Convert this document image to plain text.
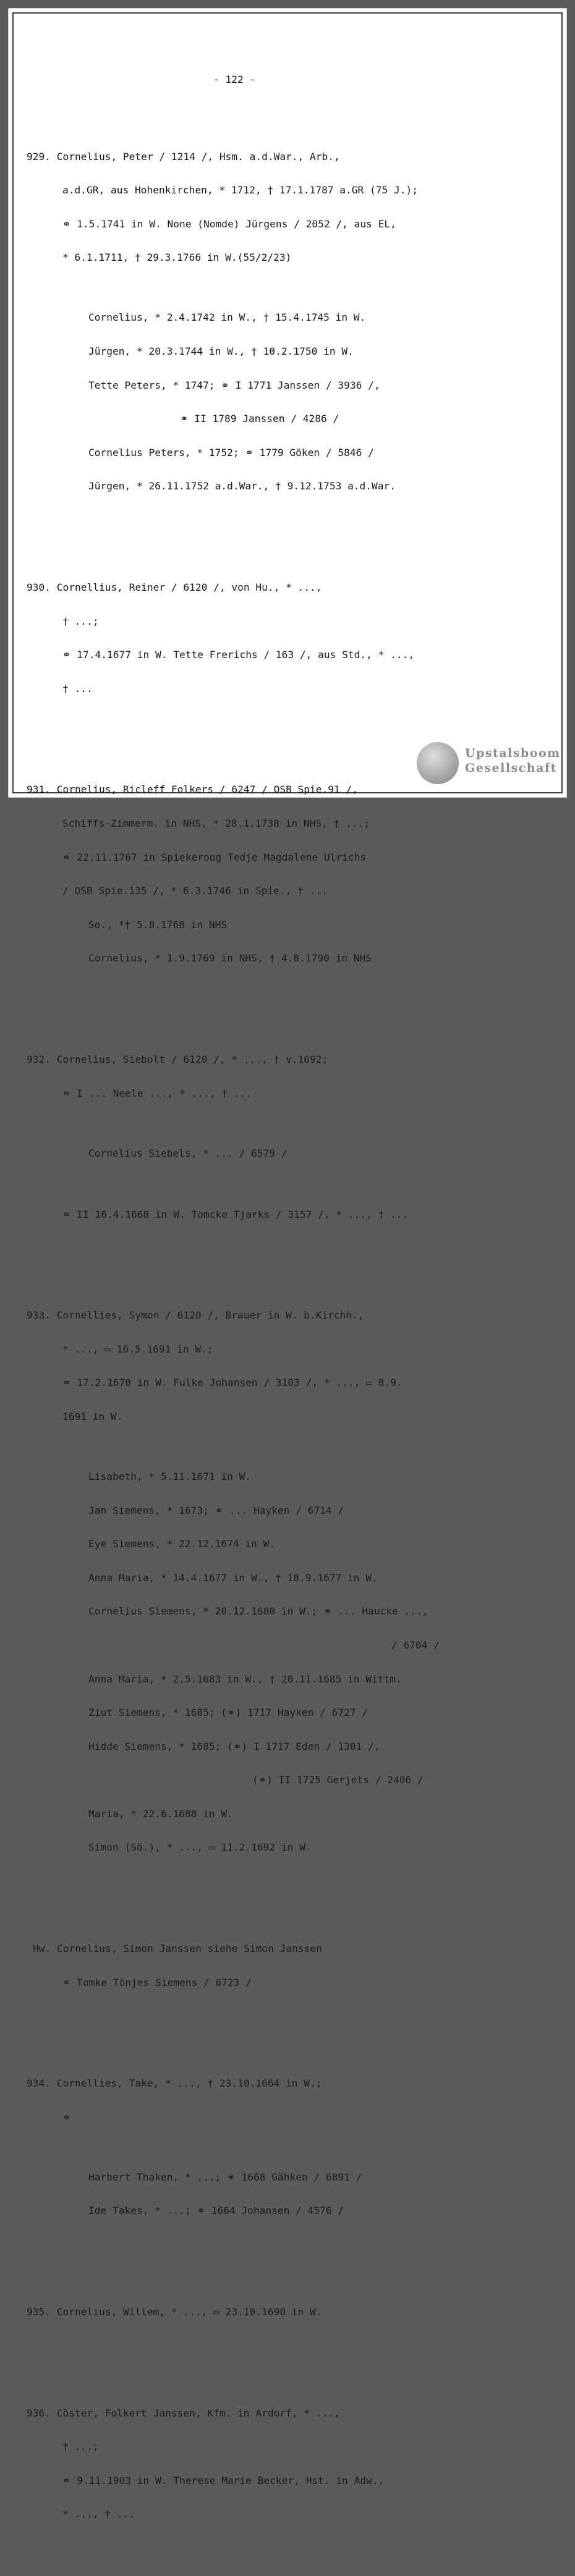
- 122 -

929. Cornelius, Peter / 1214 /, Hsm. a.d.War., Arb.,

a.d.GR, aus Hohenkirchen, * 1712, † 17.1.1787 a.GR (75 J.);

⚭ 1.5.1741 in W. None (Nomde) Jürgens / 2052 /, aus EL,

* 6.1.1711, † 29.3.1766 in W.(55/2/23)

Cornelius, * 2.4.1742 in W., † 15.4.1745 in W.

Jürgen, * 20.3.1744 in W., † 10.2.1750 in W.

Tette Peters, * 1747; ⚭ I 1771 Janssen / 3936 /,

⚭ II 1789 Janssen / 4286 /

Cornelius Peters, * 1752; ⚭ 1779 Göken / 5846 /

Jürgen, * 26.11.1752 a.d.War., † 9.12.1753 a.d.War.

930. Cornellius, Reiner / 6120 /, von Hu., * ...,

† ...;

⚭ 17.4.1677 in W. Tette Frerichs / 163 /, aus Std., * ...,

† ...

931. Cornelius, Ricleff Folkers / 6247 / OSB Spie.91 /,

Schiffs-Zimmerm. in NHS, * 28.1.1738 in NHS, † ...;

⚭ 22.11.1767 in Spiekeroog Tedje Magdalene Ulrichs

/ OSB Spie.135 /, * 6.3.1746 in Spie., † ...

So., *† 5.8.1768 in NHS

Cornelius, * 1.9.1769 in NHS, † 4.8.1790 in NHS

932. Cornelius, Siebolt / 6120 /, * ..., † v.1692;

⚭ I ... Neele ..., * ..., † ...

Cornelius Siebels, * ... / 6579 /

⚭ II 16.4.1668 in W. Tomcke Tjarks / 3157 /, * ..., † ...

933. Cornellies, Symon / 6120 /, Brauer in W. b.Kirchh.,

* ..., ▭ 16.5.1691 in W.;

⚭ 17.2.1670 in W. Fulke Johansen / 3103 /, * ..., ▭ 8.9.

1691 in W.

Lisabeth, * 5.11.1671 in W.

Jan Siemens, * 1673; ⚭ ... Hayken / 6714 /

Eye Siemens, * 22.12.1674 in W.

Anna Maria, * 14.4.1677 in W., † 18.9.1677 in W.

Cornelius Siemens, * 20.12.1680 in W.; ⚭ ... Haucke ...,

/ 6704 /

Anna Maria, * 2.5.1683 in W., † 20.11.1685 in Wittm.

Ziut Siemens, * 1685; (⚭) 1717 Hayken / 6727 /

Hidde Siemens, * 1685; (⚭) I 1717 Eden / 1301 /,

(⚭) II 1725 Gerjets / 2406 /

Maria, * 22.6.1688 in W.

Simon (Sö.), * ..., ▭ 11.2.1692 in W.

Hw. Cornelius, Simon Janssen siehe Simon Janssen

⚭ Tomke Tönjes Siemens / 6723 /

934. Cornellies, Take, * ..., † 23.10.1664 in W.;

⚭

Harbert Thaken, * ...; ⚭ 1668 Gähken / 6891 /

Ide Takes, * ...; ⚭ 1664 Johansen / 4576 /

935. Cornelius, Willem, * ..., ▭ 23.10.1690 in W.

936. Cöster, Folkert Janssen, Kfm. in Ardorf, * ...,

† ...;

⚭ 9.11.1903 in W. Therese Marie Becker, Hst. in Adw.,

* ..., † ...

Upstalsboom
Gesellschaft
